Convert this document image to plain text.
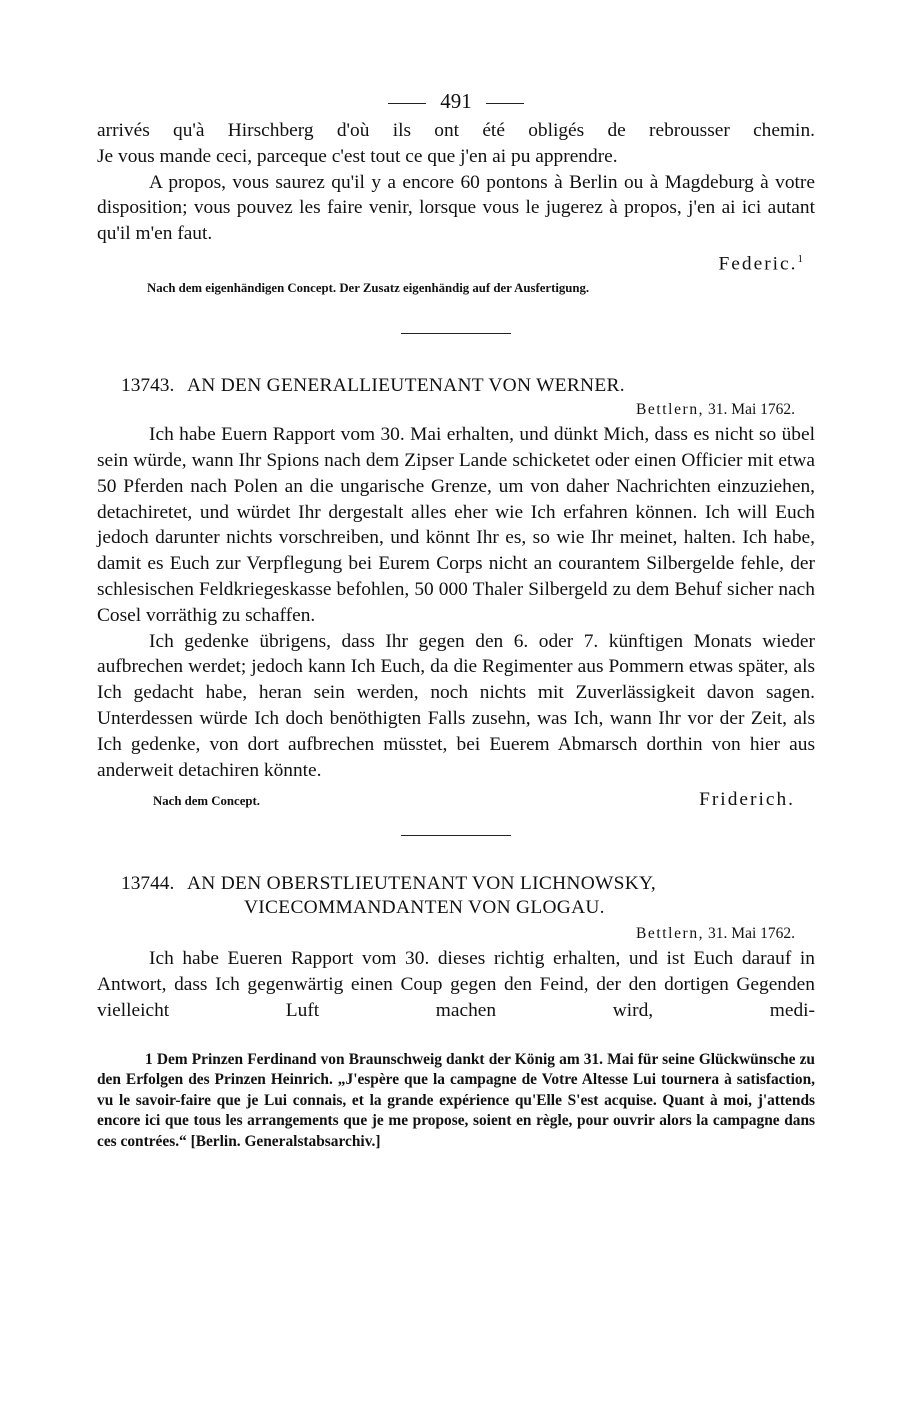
491

arrivés qu'à Hirschberg d'où ils ont été obligés de rebrousser chemin.

Je vous mande ceci, parceque c'est tout ce que j'en ai pu apprendre.

A propos, vous saurez qu'il y a encore 60 pontons à Berlin ou à Magdeburg à votre disposition; vous pouvez les faire venir, lorsque vous le jugerez à propos, j'en ai ici autant qu'il m'en faut.

Federic.$^1$
Nach dem eigenhändigen Concept. Der Zusatz eigenhändig auf der Ausfertigung.
13743. AN DEN GENERALLIEUTENANT VON WERNER.
Bettlern, 31. Mai 1762.

Ich habe Euern Rapport vom 30. Mai erhalten, und dünkt Mich, dass es nicht so übel sein würde, wann Ihr Spions nach dem Zipser Lande schicketet oder einen Officier mit etwa 50 Pferden nach Polen an die ungarische Grenze, um von daher Nachrichten einzuziehen, detachiretet, und würdet Ihr dergestalt alles eher wie Ich erfahren können. Ich will Euch jedoch darunter nichts vorschreiben, und könnt Ihr es, so wie Ihr meinet, halten. Ich habe, damit es Euch zur Verpflegung bei Eurem Corps nicht an courantem Silbergelde fehle, der schlesischen Feldkriegeskasse befohlen, 50 000 Thaler Silbergeld zu dem Behuf sicher nach Cosel vorräthig zu schaffen.

Ich gedenke übrigens, dass Ihr gegen den 6. oder 7. künftigen Monats wieder aufbrechen werdet; jedoch kann Ich Euch, da die Regimenter aus Pommern etwas später, als Ich gedacht habe, heran sein werden, noch nichts mit Zuverlässigkeit davon sagen. Unterdessen würde Ich doch benöthigten Falls zusehn, was Ich, wann Ihr vor der Zeit, als Ich gedenke, von dort aufbrechen müsstet, bei Euerem Abmarsch dorthin von hier aus anderweit detachiren könnte.

Nach dem Concept.	Friderich.
13744. AN DEN OBERSTLIEUTENANT VON LICHNOWSKY,
VICECOMMANDANTEN VON GLOGAU.
Bettlern, 31. Mai 1762.

Ich habe Eueren Rapport vom 30. dieses richtig erhalten, und ist Euch darauf in Antwort, dass Ich gegenwärtig einen Coup gegen den Feind, der den dortigen Gegenden vielleicht Luft machen wird, medi-

1 Dem Prinzen Ferdinand von Braunschweig dankt der König am 31. Mai für seine Glückwünsche zu den Erfolgen des Prinzen Heinrich. „J'espère que la campagne de Votre Altesse Lui tournera à satisfaction, vu le savoir-faire que je Lui connais, et la grande expérience qu'Elle S'est acquise. Quant à moi, j'attends encore ici que tous les arrangements que je me propose, soient en règle, pour ouvrir alors la campagne dans ces contrées.“ [Berlin. Generalstabsarchiv.]
